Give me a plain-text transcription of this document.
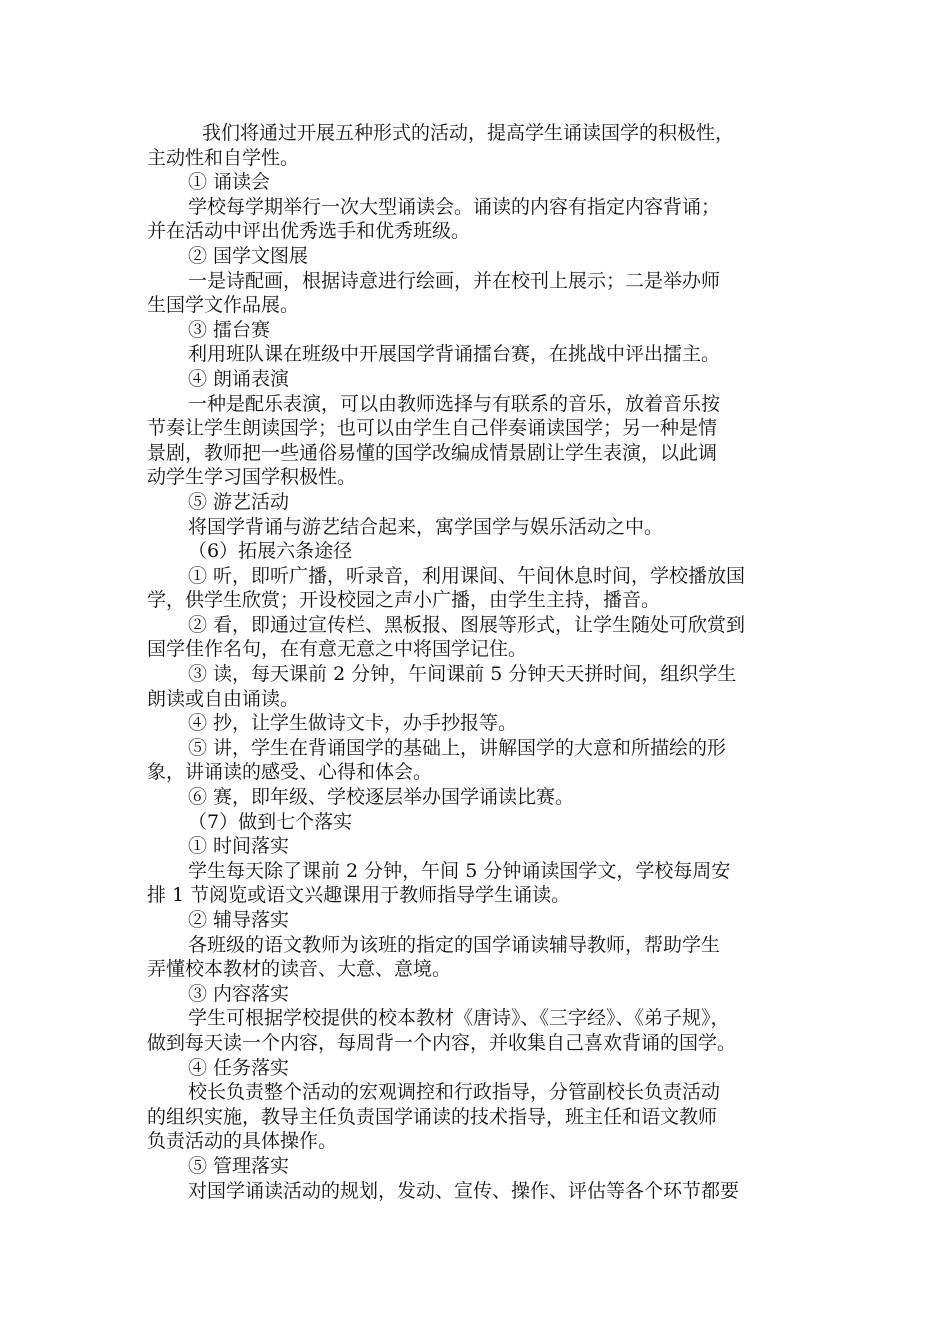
我们将通过开展五种形式的活动，提高学生诵读国学的积极性，
主动性和自学性。
① 诵读会
学校每学期举行一次大型诵读会。诵读的内容有指定内容背诵；
并在活动中评出优秀选手和优秀班级。
② 国学文图展
一是诗配画，根据诗意进行绘画，并在校刊上展示；二是举办师
生国学文作品展。
③ 擂台赛
利用班队课在班级中开展国学背诵擂台赛，在挑战中评出擂主。
④ 朗诵表演
一种是配乐表演，可以由教师选择与有联系的音乐，放着音乐按
节奏让学生朗读国学；也可以由学生自己伴奏诵读国学；另一种是情
景剧，教师把一些通俗易懂的国学改编成情景剧让学生表演，以此调
动学生学习国学积极性。
⑤ 游艺活动
将国学背诵与游艺结合起来，寓学国学与娱乐活动之中。
（6）拓展六条途径
① 听，即听广播，听录音，利用课间、午间休息时间，学校播放国
学，供学生欣赏；开设校园之声小广播，由学生主持，播音。
② 看，即通过宣传栏、黑板报、图展等形式，让学生随处可欣赏到
国学佳作名句，在有意无意之中将国学记住。
③ 读，每天课前 2 分钟，午间课前 5 分钟天天拼时间，组织学生
朗读或自由诵读。
④ 抄，让学生做诗文卡，办手抄报等。
⑤ 讲，学生在背诵国学的基础上，讲解国学的大意和所描绘的形
象，讲诵读的感受、心得和体会。
⑥ 赛，即年级、学校逐层举办国学诵读比赛。
（7）做到七个落实
① 时间落实
学生每天除了课前 2 分钟，午间 5 分钟诵读国学文，学校每周安
排 1 节阅览或语文兴趣课用于教师指导学生诵读。
② 辅导落实
各班级的语文教师为该班的指定的国学诵读辅导教师，帮助学生
弄懂校本教材的读音、大意、意境。
③ 内容落实
学生可根据学校提供的校本教材《唐诗》、《三字经》、《弟子规》，
做到每天读一个内容，每周背一个内容，并收集自己喜欢背诵的国学。
④ 任务落实
校长负责整个活动的宏观调控和行政指导，分管副校长负责活动
的组织实施，教导主任负责国学诵读的技术指导，班主任和语文教师
负责活动的具体操作。
⑤ 管理落实
对国学诵读活动的规划，发动、宣传、操作、评估等各个环节都要
